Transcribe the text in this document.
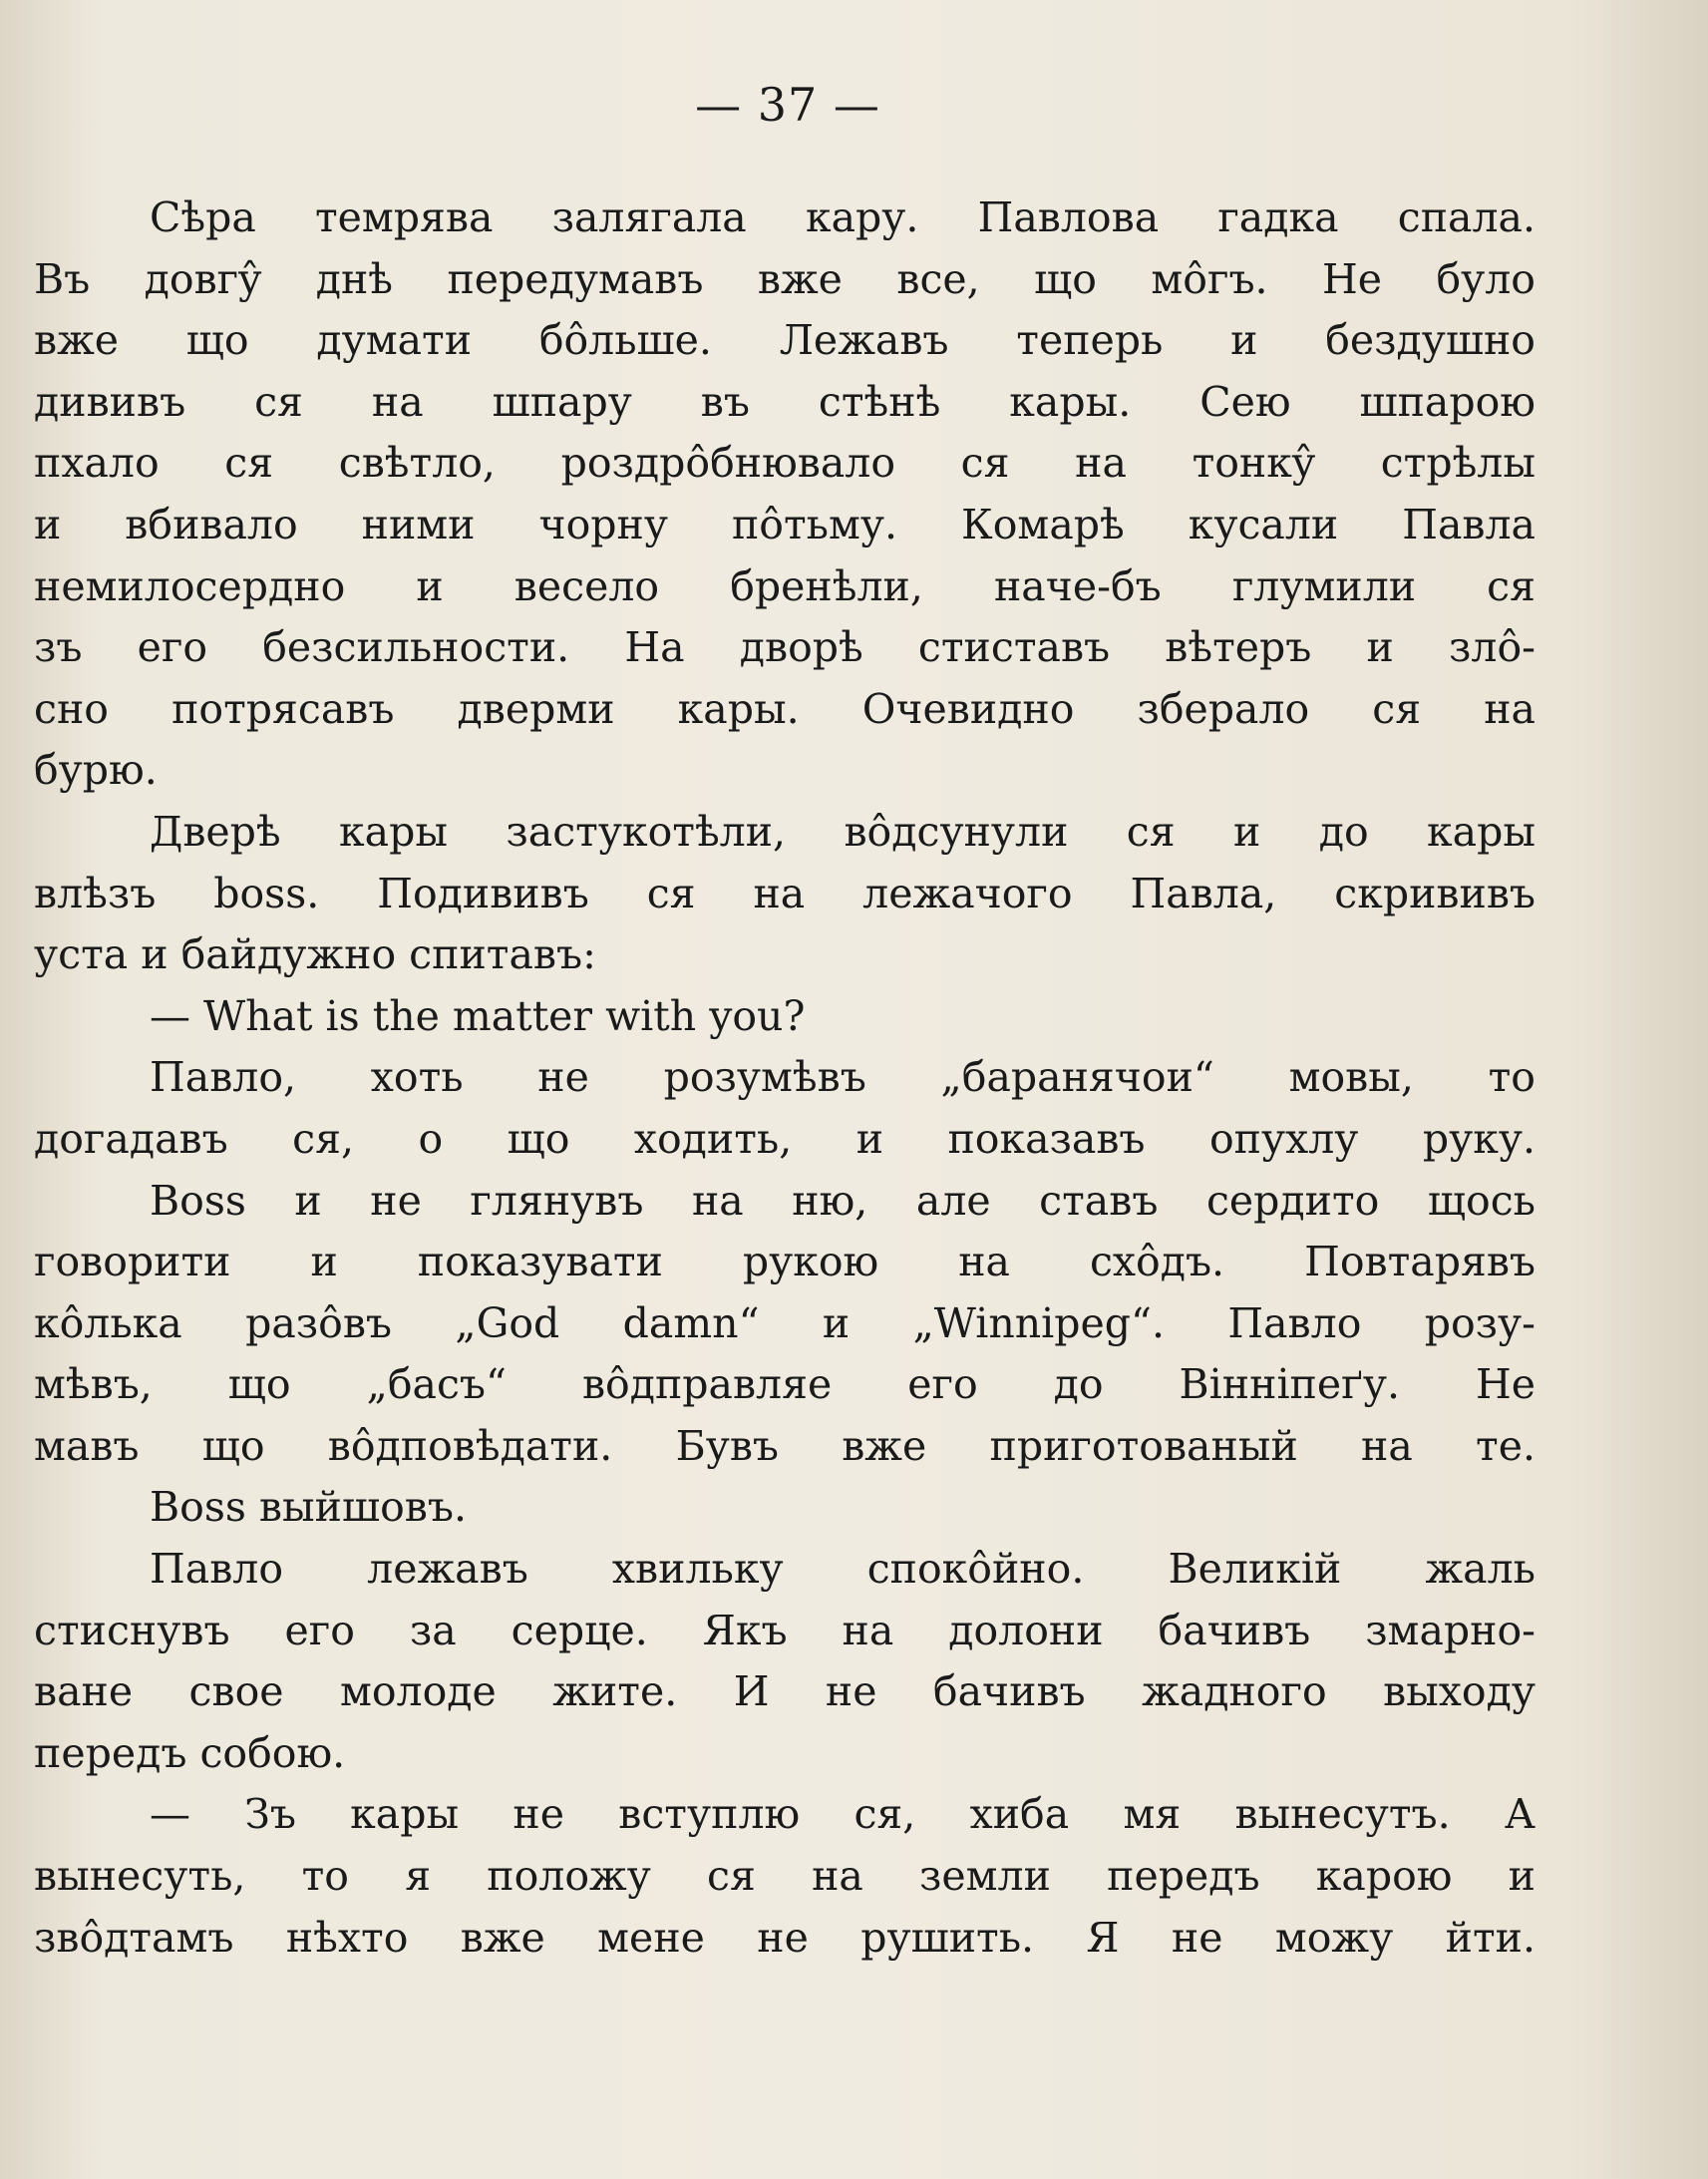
— 37 —
Сѣра темрява залягала кару. Павлова гадка спала.
Въ довгŷ днѣ передумавъ вже все, що мôгъ. Не було
вже що думати бôльше. Лежавъ теперь и бездушно
дививъ ся на шпару въ стѣнѣ кары. Сею шпарою
пхало ся свѣтло, роздрôбнювало ся на тонкŷ стрѣлы
и вбивало ними чорну пôтьму. Комарѣ кусали Павла
немилосердно и весело бренѣли, наче-бъ глумили ся
зъ его безсильности. На дворѣ стиставъ вѣтеръ и злô-
сно потрясавъ дверми кары. Очевидно зберало ся на
бурю.
Дверѣ кары застукотѣли, вôдсунули ся и до кары
влѣзъ boss. Подививъ ся на лежачого Павла, скрививъ
уста и байдужно спитавъ:
— What is the matter with you?
Павло, хоть не розумѣвъ „баранячои“ мовы, то
догадавъ ся, о що ходить, и показавъ опухлу руку.
Boss и не глянувъ на ню, але ставъ сердито щось
говорити и показувати рукою на схôдъ. Повтарявъ
кôлька разôвъ „God damn“ и „Winnipeg“. Павло розу-
мѣвъ, що „басъ“ вôдправляе его до Вінніпеґу. Не
мавъ що вôдповѣдати. Бувъ вже приготованый на те.
Boss выйшовъ.
Павло лежавъ хвильку спокôйно. Великій жаль
стиснувъ его за серце. Якъ на долони бачивъ змарно-
ване свое молоде жите. И не бачивъ жадного выходу
передъ собою.
— Зъ кары не вступлю ся, хиба мя вынесутъ. А
вынесуть, то я положу ся на земли передъ карою и
звôдтамъ нѣхто вже мене не рушить. Я не можу йти.
